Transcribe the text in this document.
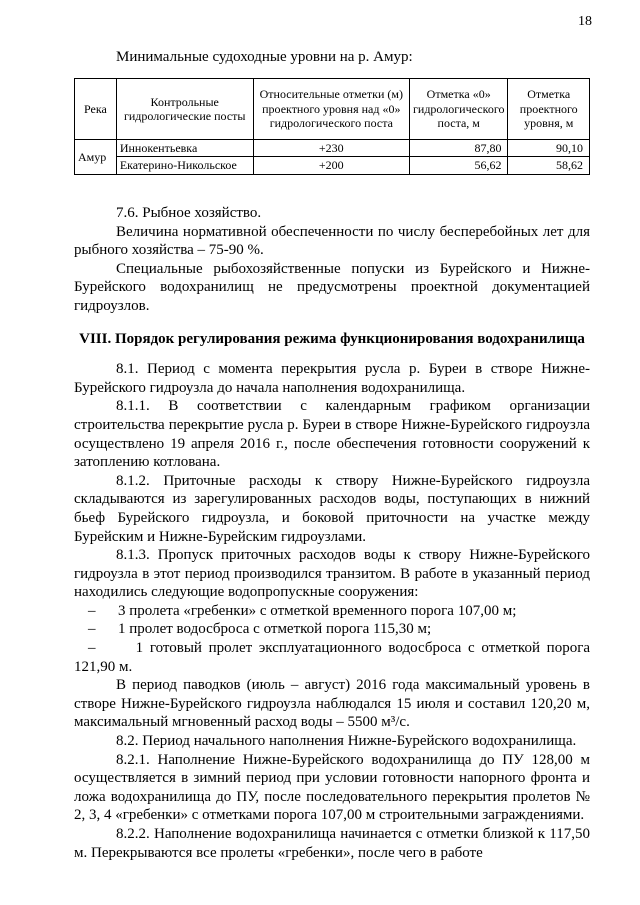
18
Минимальные судоходные уровни на р. Амур:
Река	Контрольные гидрологические посты	Относительные отметки (м) проектного уровня над «0» гидрологического поста	Отметка «0» гидрологического поста, м	Отметка проектного уровня, м
Амур	Иннокентьевка	+230	87,80	90,10
	Екатерино-Никольское	+200	56,62	58,62

7.6. Рыбное хозяйство.

Величина нормативной обеспеченности по числу бесперебойных лет для рыбного хозяйства – 75-90 %.

Специальные рыбохозяйственные попуски из Бурейского и Нижне-Бурейского водохранилищ не предусмотрены проектной документацией гидроузлов.

VIII. Порядок регулирования режима функционирования водохранилища

8.1. Период с момента перекрытия русла р. Буреи в створе Нижне-Бурейского гидроузла до начала наполнения водохранилища.

8.1.1. В соответствии с календарным графиком организации строительства перекрытие русла р. Буреи в створе Нижне-Бурейского гидроузла осуществлено 19 апреля 2016 г., после обеспечения готовности сооружений к затоплению котлована.

8.1.2. Приточные расходы к створу Нижне-Бурейского гидроузла складываются из зарегулированных расходов воды, поступающих в нижний бьеф Бурейского гидроузла, и боковой приточности на участке между Бурейским и Нижне-Бурейским гидроузлами.

8.1.3. Пропуск приточных расходов воды к створу Нижне-Бурейского гидроузла в этот период производился транзитом. В работе в указанный период находились следующие водопропускные сооружения:

–	3 пролета «гребенки» с отметкой временного порога 107,00 м;

–	1 пролет водосброса с отметкой порога 115,30 м;

–	1 готовый пролет эксплуатационного водосброса с отметкой порога 121,90 м.

В период паводков (июль – август) 2016 года максимальный уровень в створе Нижне-Бурейского гидроузла наблюдался 15 июля и составил 120,20 м, максимальный мгновенный расход воды – 5500 м³/с.

8.2. Период начального наполнения Нижне-Бурейского водохранилища.

8.2.1. Наполнение Нижне-Бурейского водохранилища до ПУ 128,00 м осуществляется в зимний период при условии готовности напорного фронта и ложа водохранилища до ПУ, после последовательного перекрытия пролетов № 2, 3, 4 «гребенки» с отметками порога 107,00 м строительными заграждениями.

8.2.2. Наполнение водохранилища начинается с отметки близкой к 117,50 м. Перекрываются все пролеты «гребенки», после чего в работе
